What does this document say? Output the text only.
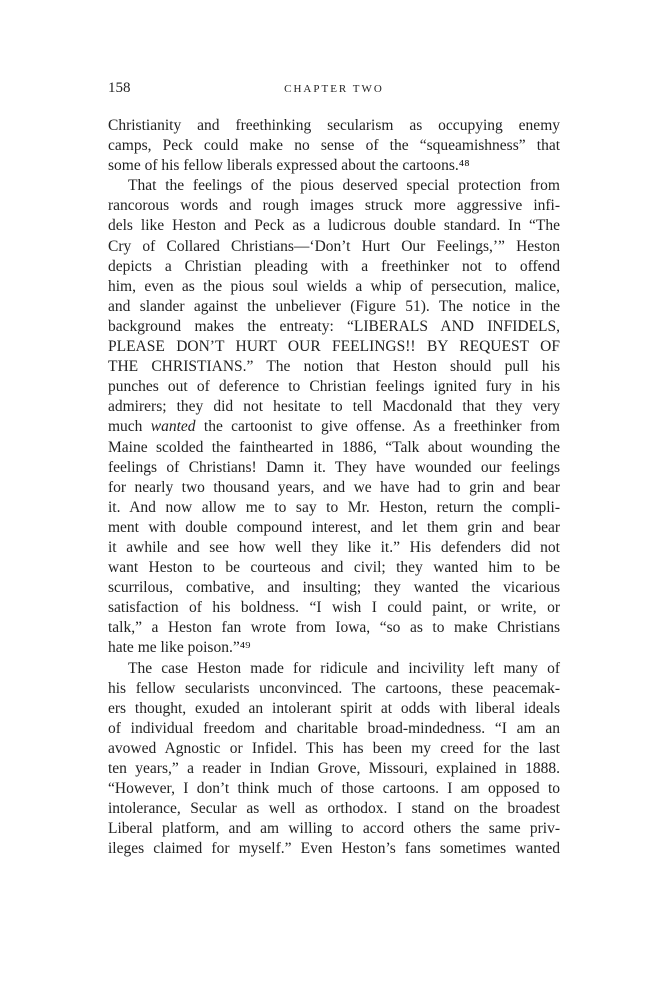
158	CHAPTER TWO
Christianity and freethinking secularism as occupying enemy
camps, Peck could make no sense of the “squeamishness” that
some of his fellow liberals expressed about the cartoons.⁴⁸
That the feelings of the pious deserved special protection from
rancorous words and rough images struck more aggressive infi-
dels like Heston and Peck as a ludicrous double standard. In “The
Cry of Collared Christians—‘Don’t Hurt Our Feelings,’” Heston
depicts a Christian pleading with a freethinker not to offend
him, even as the pious soul wields a whip of persecution, malice,
and slander against the unbeliever (Figure 51). The notice in the
background makes the entreaty: “LIBERALS AND INFIDELS,
PLEASE DON’T HURT OUR FEELINGS!! BY REQUEST OF
THE CHRISTIANS.” The notion that Heston should pull his
punches out of deference to Christian feelings ignited fury in his
admirers; they did not hesitate to tell Macdonald that they very
much wanted the cartoonist to give offense. As a freethinker from
Maine scolded the fainthearted in 1886, “Talk about wounding the
feelings of Christians! Damn it. They have wounded our feelings
for nearly two thousand years, and we have had to grin and bear
it. And now allow me to say to Mr. Heston, return the compli-
ment with double compound interest, and let them grin and bear
it awhile and see how well they like it.” His defenders did not
want Heston to be courteous and civil; they wanted him to be
scurrilous, combative, and insulting; they wanted the vicarious
satisfaction of his boldness. “I wish I could paint, or write, or
talk,” a Heston fan wrote from Iowa, “so as to make Christians
hate me like poison.”⁴⁹
The case Heston made for ridicule and incivility left many of
his fellow secularists unconvinced. The cartoons, these peacemak-
ers thought, exuded an intolerant spirit at odds with liberal ideals
of individual freedom and charitable broad-mindedness. “I am an
avowed Agnostic or Infidel. This has been my creed for the last
ten years,” a reader in Indian Grove, Missouri, explained in 1888.
“However, I don’t think much of those cartoons. I am opposed to
intolerance, Secular as well as orthodox. I stand on the broadest
Liberal platform, and am willing to accord others the same priv-
ileges claimed for myself.” Even Heston’s fans sometimes wanted
